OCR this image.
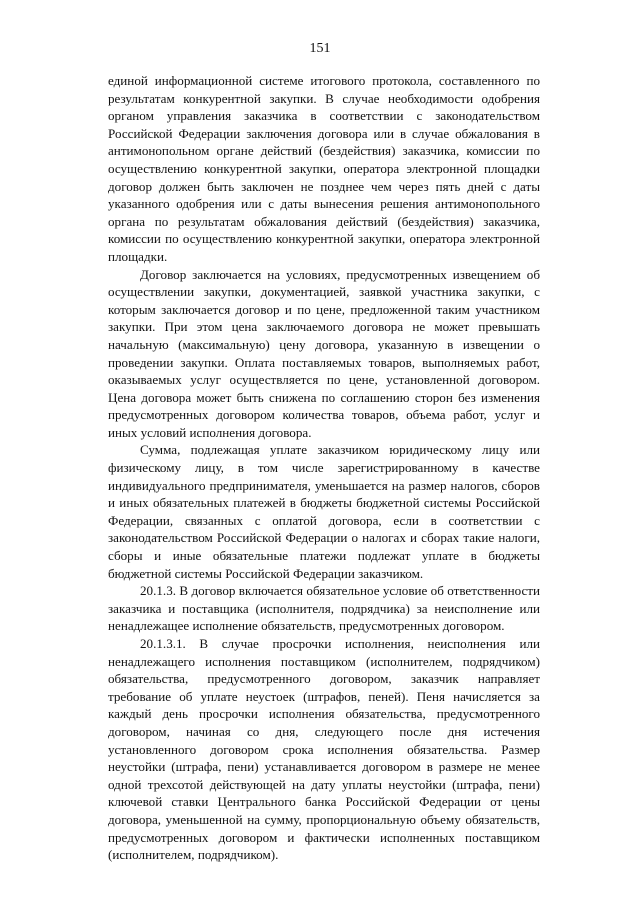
151

единой информационной системе итогового протокола, составленного по результатам конкурентной закупки. В случае необходимости одобрения органом управления заказчика в соответствии с законодательством Российской Федерации заключения договора или в случае обжалования в антимонопольном органе действий (бездействия) заказчика, комиссии по осуществлению конкурентной закупки, оператора электронной площадки договор должен быть заключен не позднее чем через пять дней с даты указанного одобрения или с даты вынесения решения антимонопольного органа по результатам обжалования действий (бездействия) заказчика, комиссии по осуществлению конкурентной закупки, оператора электронной площадки.

Договор заключается на условиях, предусмотренных извещением об осуществлении закупки, документацией, заявкой участника закупки, с которым заключается договор и по цене, предложенной таким участником закупки. При этом цена заключаемого договора не может превышать начальную (максимальную) цену договора, указанную в извещении о проведении закупки. Оплата поставляемых товаров, выполняемых работ, оказываемых услуг осуществляется по цене, установленной договором. Цена договора может быть снижена по соглашению сторон без изменения предусмотренных договором количества товаров, объема работ, услуг и иных условий исполнения договора.

Сумма, подлежащая уплате заказчиком юридическому лицу или физическому лицу, в том числе зарегистрированному в качестве индивидуального предпринимателя, уменьшается на размер налогов, сборов и иных обязательных платежей в бюджеты бюджетной системы Российской Федерации, связанных с оплатой договора, если в соответствии с законодательством Российской Федерации о налогах и сборах такие налоги, сборы и иные обязательные платежи подлежат уплате в бюджеты бюджетной системы Российской Федерации заказчиком.

20.1.3. В договор включается обязательное условие об ответственности заказчика и поставщика (исполнителя, подрядчика) за неисполнение или ненадлежащее исполнение обязательств, предусмотренных договором.

20.1.3.1. В случае просрочки исполнения, неисполнения или ненадлежащего исполнения поставщиком (исполнителем, подрядчиком) обязательства, предусмотренного договором, заказчик направляет требование об уплате неустоек (штрафов, пеней). Пеня начисляется за каждый день просрочки исполнения обязательства, предусмотренного договором, начиная со дня, следующего после дня истечения установленного договором срока исполнения обязательства. Размер неустойки (штрафа, пени) устанавливается договором в размере не менее одной трехсотой действующей на дату уплаты неустойки (штрафа, пени) ключевой ставки Центрального банка Российской Федерации от цены договора, уменьшенной на сумму, пропорциональную объему обязательств, предусмотренных договором и фактически исполненных поставщиком (исполнителем, подрядчиком).
